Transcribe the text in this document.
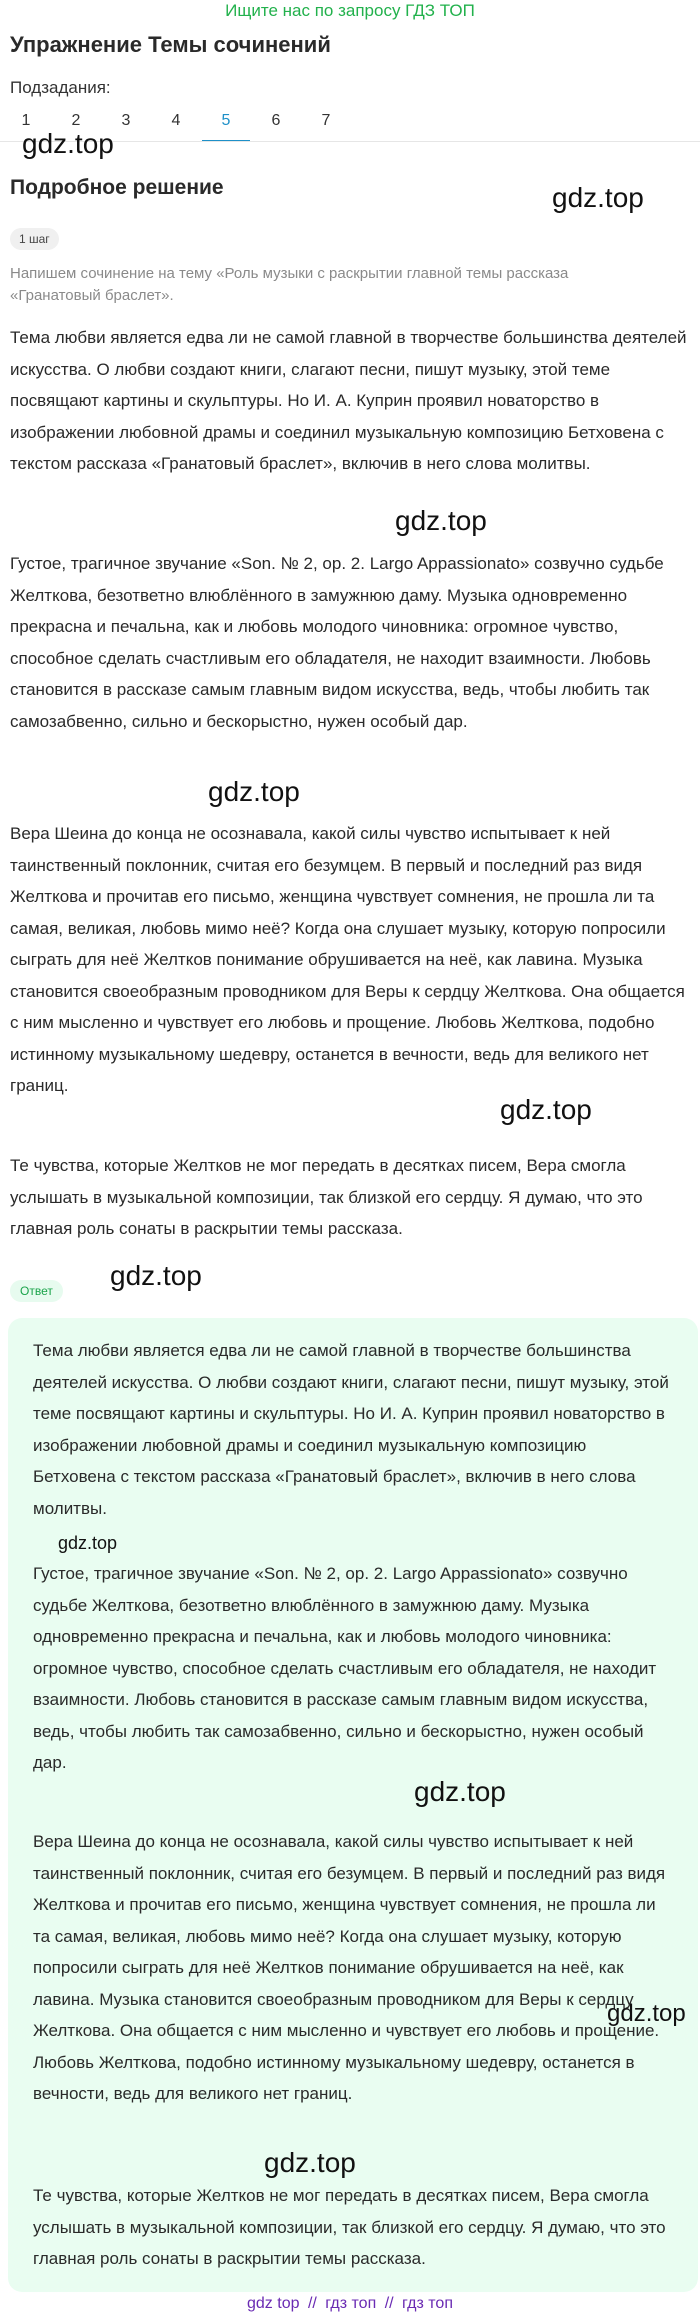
Ищите нас по запросу ГДЗ ТОП
Упражнение Темы сочинений
Подзадания:
1	2	3	4	5	6	7
gdz.top
gdz.top
gdz.top
gdz.top
gdz.top
gdz.top
Подробное решение
1 шаг
Напишем сочинение на тему «Роль музыки с раскрытии главной темы рассказа «Гранатовый браслет».
Тема любви является едва ли не самой главной в творчестве большинства деятелей искусства. О любви создают книги, слагают песни, пишут музыку, этой теме посвящают картины и скульптуры. Но И. А. Куприн проявил новаторство в изображении любовной драмы и соединил музыкальную композицию Бетховена с текстом рассказа «Гранатовый браслет», включив в него слова молитвы.
Густое, трагичное звучание «Son. № 2, op. 2. Largo Appassionato» созвучно судьбе Желткова, безответно влюблённого в замужнюю даму. Музыка одновременно прекрасна и печальна, как и любовь молодого чиновника: огромное чувство, способное сделать счастливым его обладателя, не находит взаимности. Любовь становится в рассказе самым главным видом искусства, ведь, чтобы любить так самозабвенно, сильно и бескорыстно, нужен особый дар.
Вера Шеина до конца не осознавала, какой силы чувство испытывает к ней таинственный поклонник, считая его безумцем. В первый и последний раз видя Желткова и прочитав его письмо, женщина чувствует сомнения, не прошла ли та самая, великая, любовь мимо неё? Когда она слушает музыку, которую попросили сыграть для неё Желтков понимание обрушивается на неё, как лавина. Музыка становится своеобразным проводником для Веры к сердцу Желткова. Она общается с ним мысленно и чувствует его любовь и прощение. Любовь Желткова, подобно истинному музыкальному шедевру, останется в вечности, ведь для великого нет границ.
Те чувства, которые Желтков не мог передать в десятках писем, Вера смогла услышать в музыкальной композиции, так близкой его сердцу. Я думаю, что это главная роль сонаты в раскрытии темы рассказа.
Ответ
Тема любви является едва ли не самой главной в творчестве большинства деятелей искусства. О любви создают книги, слагают песни, пишут музыку, этой теме посвящают картины и скульптуры. Но И. А. Куприн проявил новаторство в изображении любовной драмы и соединил музыкальную композицию Бетховена с текстом рассказа «Гранатовый браслет», включив в него слова молитвы.
Густое, трагичное звучание «Son. № 2, op. 2. Largo Appassionato» созвучно судьбе Желткова, безответно влюблённого в замужнюю даму. Музыка одновременно прекрасна и печальна, как и любовь молодого чиновника: огромное чувство, способное сделать счастливым его обладателя, не находит взаимности. Любовь становится в рассказе самым главным видом искусства, ведь, чтобы любить так самозабвенно, сильно и бескорыстно, нужен особый дар.
Вера Шеина до конца не осознавала, какой силы чувство испытывает к ней таинственный поклонник, считая его безумцем. В первый и последний раз видя Желткова и прочитав его письмо, женщина чувствует сомнения, не прошла ли та самая, великая, любовь мимо неё? Когда она слушает музыку, которую попросили сыграть для неё Желтков понимание обрушивается на неё, как лавина. Музыка становится своеобразным проводником для Веры к сердцу Желткова. Она общается с ним мысленно и чувствует его любовь и прощение. Любовь Желткова, подобно истинному музыкальному шедевру, останется в вечности, ведь для великого нет границ.
Те чувства, которые Желтков не мог передать в десятках писем, Вера смогла услышать в музыкальной композиции, так близкой его сердцу. Я думаю, что это главная роль сонаты в раскрытии темы рассказа.
gdz.top
gdz.top
gdz.top
gdz.top
gdz top // гдз топ // гдз топ
